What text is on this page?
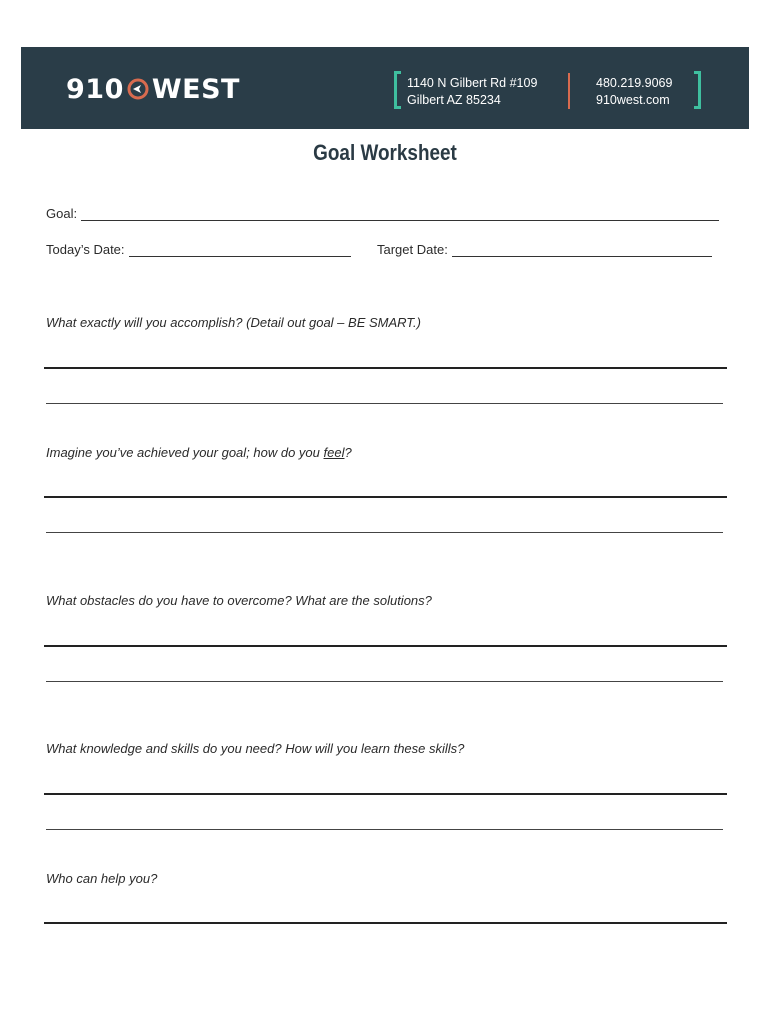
910 WEST	1140 N Gilbert Rd #109
Gilbert AZ 85234
480.219.9069
910west.com
Goal Worksheet
Goal:
Today’s Date:	Target Date:
What exactly will you accomplish? (Detail out goal – BE SMART.)
Imagine you’ve achieved your goal; how do you feel?
What obstacles do you have to overcome? What are the solutions?
What knowledge and skills do you need? How will you learn these skills?
Who can help you?
